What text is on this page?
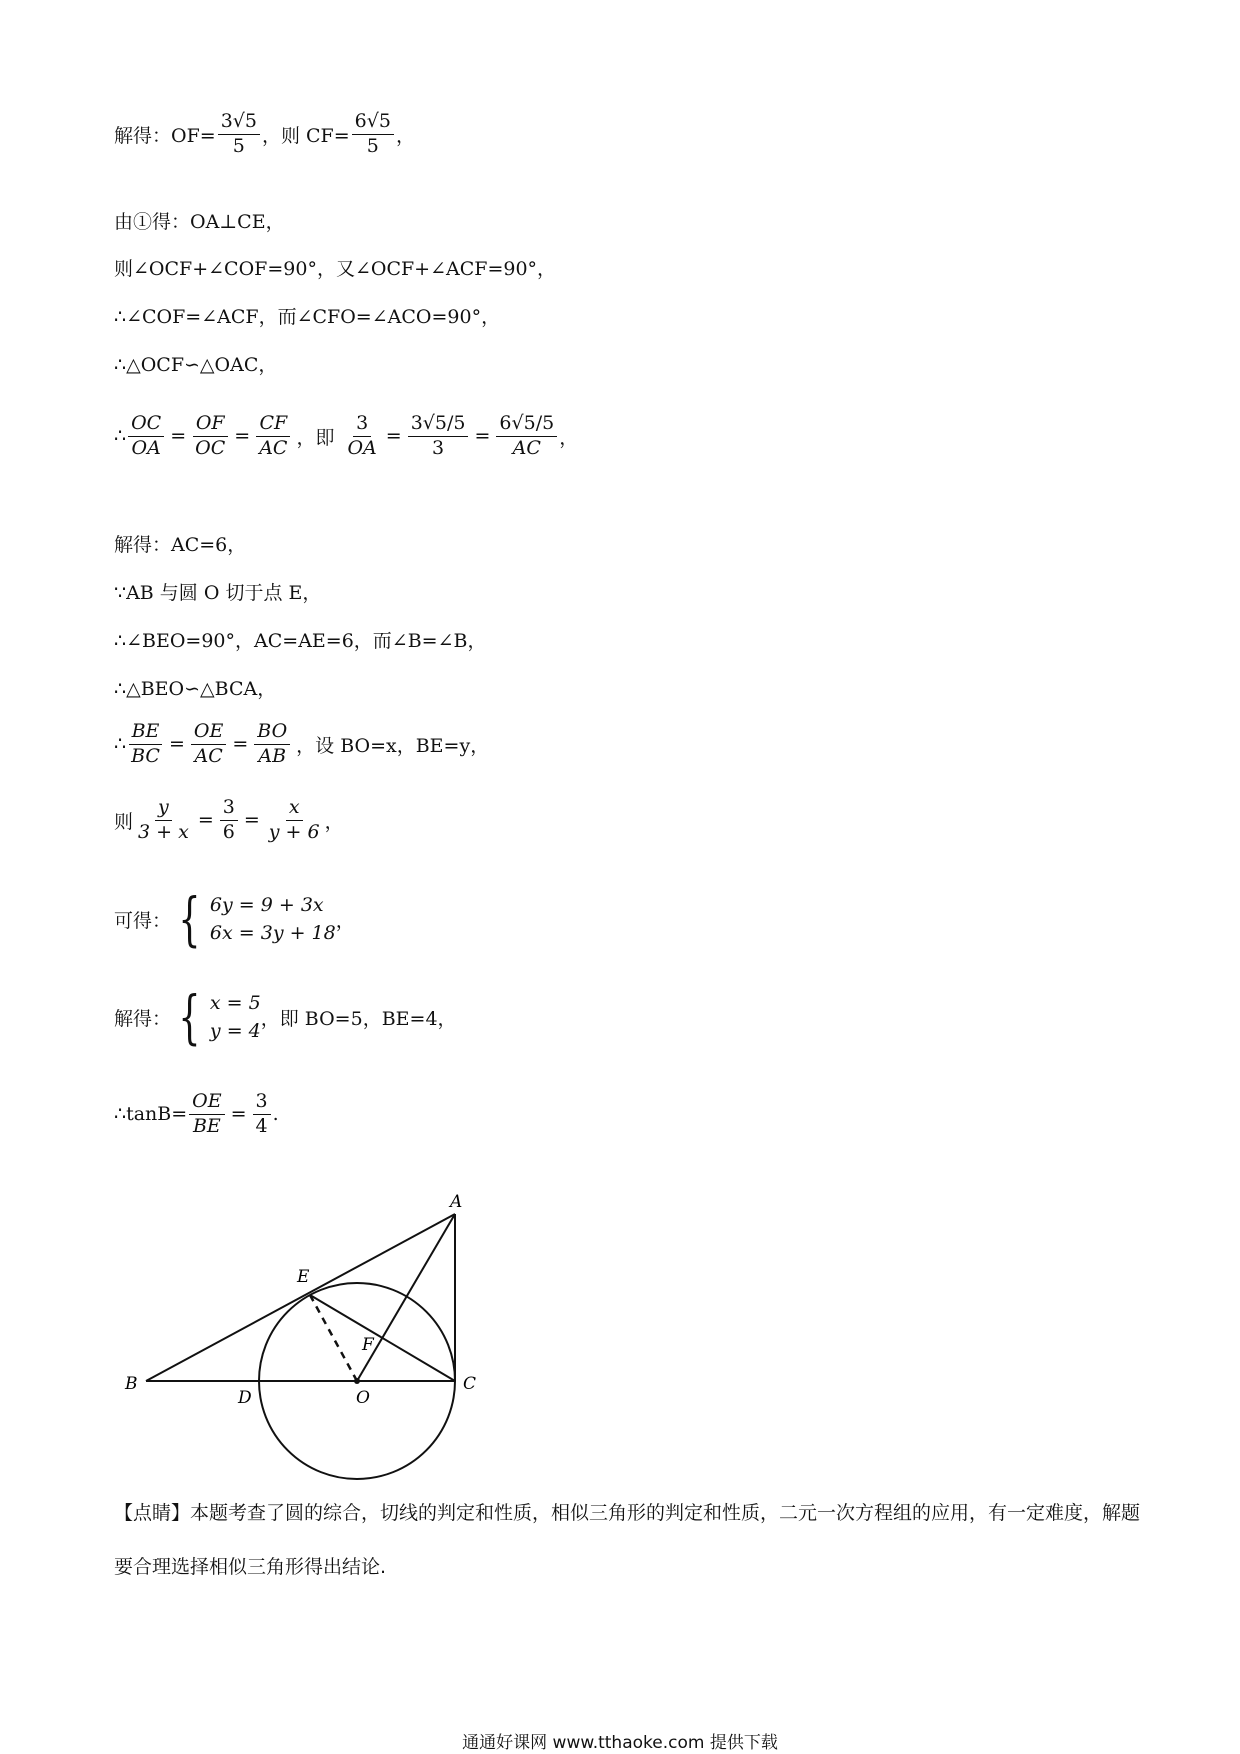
解得：$OF= \frac{3√5}{5}$ ，则 $CF= \frac{6√5}{5}$ ，
由①得：OA⊥CE，
则∠OCF+∠COF=90°，又∠OCF+∠ACF=90°，
∴∠COF=∠ACF，而∠CFO=∠ACO=90°，
∴△OCF∽△OAC，
∴ $\frac{OC}{OA} = \frac{OF}{OC} = \frac{CF}{AC}$ ，即 $\frac{3}{OA} = \frac{3√5/5}{3} = \frac{6√5/5}{AC}$ ，
解得：AC=6，
∵AB 与圆 O 切于点 E，
∴∠BEO=90°，AC=AE=6，而∠B=∠B，
∴△BEO∽△BCA，
∴ $\frac{BE}{BC} = \frac{OE}{AC} = \frac{BO}{AB}$ ，设 BO=x，BE=y，
则 $\frac{y}{3 + x} = \frac{3}{6} = \frac{x}{y + 6}$ ，
可得： { 6y = 9 + 3x
6x = 3y + 18
，
解得： { x = 5
y = 4
，即 BO=5，BE=4，
∴tanB= $\frac{OE}{BE} = \frac{3}{4}$ .
A
B	C
D
E
F
O
【点睛】本题考查了圆的综合，切线的判定和性质，相似三角形的判定和性质，二元一次方程组的应用，有一定难度，解题要合理选择相似三角形得出结论.
通通好课网 www.tthaoke.com 提供下载
